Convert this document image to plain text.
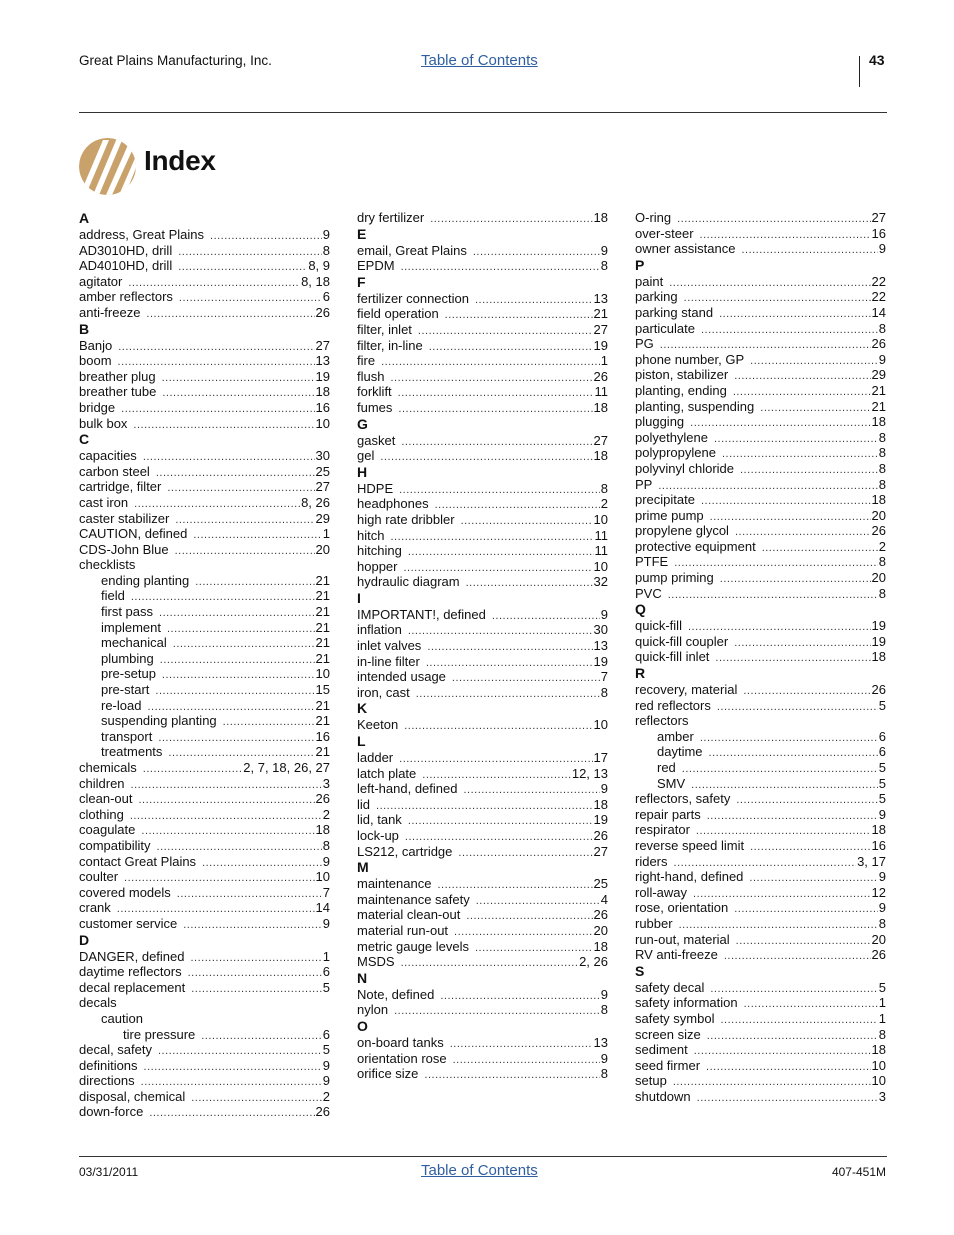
Great Plains Manufacturing, Inc.	Table of Contents	43
Index
A
address, Great Plains .....	9
AD3010HD, drill .....	8
AD4010HD, drill .....	8, 9
agitator .....	8, 18
amber reflectors .....	6
anti-freeze .....	26
B
Banjo .....	27
boom .....	13
breather plug .....	19
breather tube .....	18
bridge .....	16
bulk box .....	10
C
capacities .....	30
carbon steel .....	25
cartridge, filter .....	27
cast iron .....	8, 26
caster stabilizer .....	29
CAUTION, defined .....	1
CDS-John Blue .....	20
checklists
ending planting .....	21
field .....	21
first pass .....	21
implement .....	21
mechanical .....	21
plumbing .....	21
pre-setup .....	10
pre-start .....	15
re-load .....	21
suspending planting .....	21
transport .....	16
treatments .....	21
chemicals .....	2, 7, 18, 26, 27
children .....	3
clean-out .....	26
clothing .....	2
coagulate .....	18
compatibility .....	8
contact Great Plains .....	9
coulter .....	10
covered models .....	7
crank .....	14
customer service .....	9
D
DANGER, defined .....	1
daytime reflectors .....	6
decal replacement .....	5
decals
caution
tire pressure .....	6
decal, safety .....	5
definitions .....	9
directions .....	9
disposal, chemical .....	2
down-force .....	26
dry fertilizer .....	18
E
email, Great Plains .....	9
EPDM .....	8
F
fertilizer connection .....	13
field operation .....	21
filter, inlet .....	27
filter, in-line .....	19
fire .....	1
flush .....	26
forklift .....	11
fumes .....	18
G
gasket .....	27
gel .....	18
H
HDPE .....	8
headphones .....	2
high rate dribbler .....	10
hitch .....	11
hitching .....	11
hopper .....	10
hydraulic diagram .....	32
I
IMPORTANT!, defined .....	9
inflation .....	30
inlet valves .....	13
in-line filter .....	19
intended usage .....	7
iron, cast .....	8
K
Keeton .....	10
L
ladder .....	17
latch plate .....	12, 13
left-hand, defined .....	9
lid .....	18
lid, tank .....	19
lock-up .....	26
LS212, cartridge .....	27
M
maintenance .....	25
maintenance safety .....	4
material clean-out .....	26
material run-out .....	20
metric gauge levels .....	18
MSDS .....	2, 26
N
Note, defined .....	9
nylon .....	8
O
on-board tanks .....	13
orientation rose .....	9
orifice size .....	8
O-ring .....	27
over-steer .....	16
owner assistance .....	9
P
paint .....	22
parking .....	22
parking stand .....	14
particulate .....	8
PG .....	26
phone number, GP .....	9
piston, stabilizer .....	29
planting, ending .....	21
planting, suspending .....	21
plugging .....	18
polyethylene .....	8
polypropylene .....	8
polyvinyl chloride .....	8
PP .....	8
precipitate .....	18
prime pump .....	20
propylene glycol .....	26
protective equipment .....	2
PTFE .....	8
pump priming .....	20
PVC .....	8
Q
quick-fill .....	19
quick-fill coupler .....	19
quick-fill inlet .....	18
R
recovery, material .....	26
red reflectors .....	5
reflectors
amber .....	6
daytime .....	6
red .....	5
SMV .....	5
reflectors, safety .....	5
repair parts .....	9
respirator .....	18
reverse speed limit .....	16
riders .....	3, 17
right-hand, defined .....	9
roll-away .....	12
rose, orientation .....	9
rubber .....	8
run-out, material .....	20
RV anti-freeze .....	26
S
safety decal .....	5
safety information .....	1
safety symbol .....	1
screen size .....	8
sediment .....	18
seed firmer .....	10
setup .....	10
shutdown .....	3
03/31/2011	Table of Contents	407-451M
